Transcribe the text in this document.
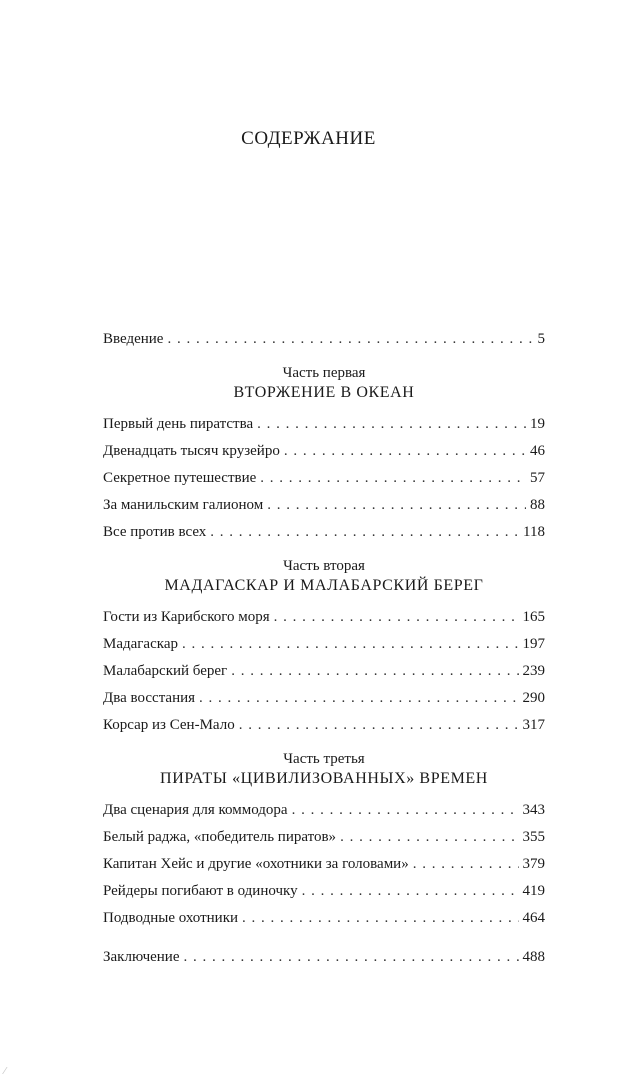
СОДЕРЖАНИЕ
Введение . . .	5
Часть первая
ВТОРЖЕНИЕ В ОКЕАН
Первый день пиратства . . .	19
Двенадцать тысяч крузейро . . .	46
Секретное путешествие . . .	57
За манильским галионом . . .	88
Все против всех . . .	118
Часть вторая
МАДАГАСКАР И МАЛАБАРСКИЙ БЕРЕГ
Гости из Карибского моря . . .	165
Мадагаскар . . .	197
Малабарский берег . . .	239
Два восстания . . .	290
Корсар из Сен-Мало . . .	317
Часть третья
ПИРАТЫ «ЦИВИЛИЗОВАННЫХ» ВРЕМЕН
Два сценария для коммодора . . .	343
Белый раджа, «победитель пиратов» . . .	355
Капитан Хейс и другие «охотники за головами» . . .	379
Рейдеры погибают в одиночку . . .	419
Подводные охотники . . .	464
Заключение . . .	488
⁄
